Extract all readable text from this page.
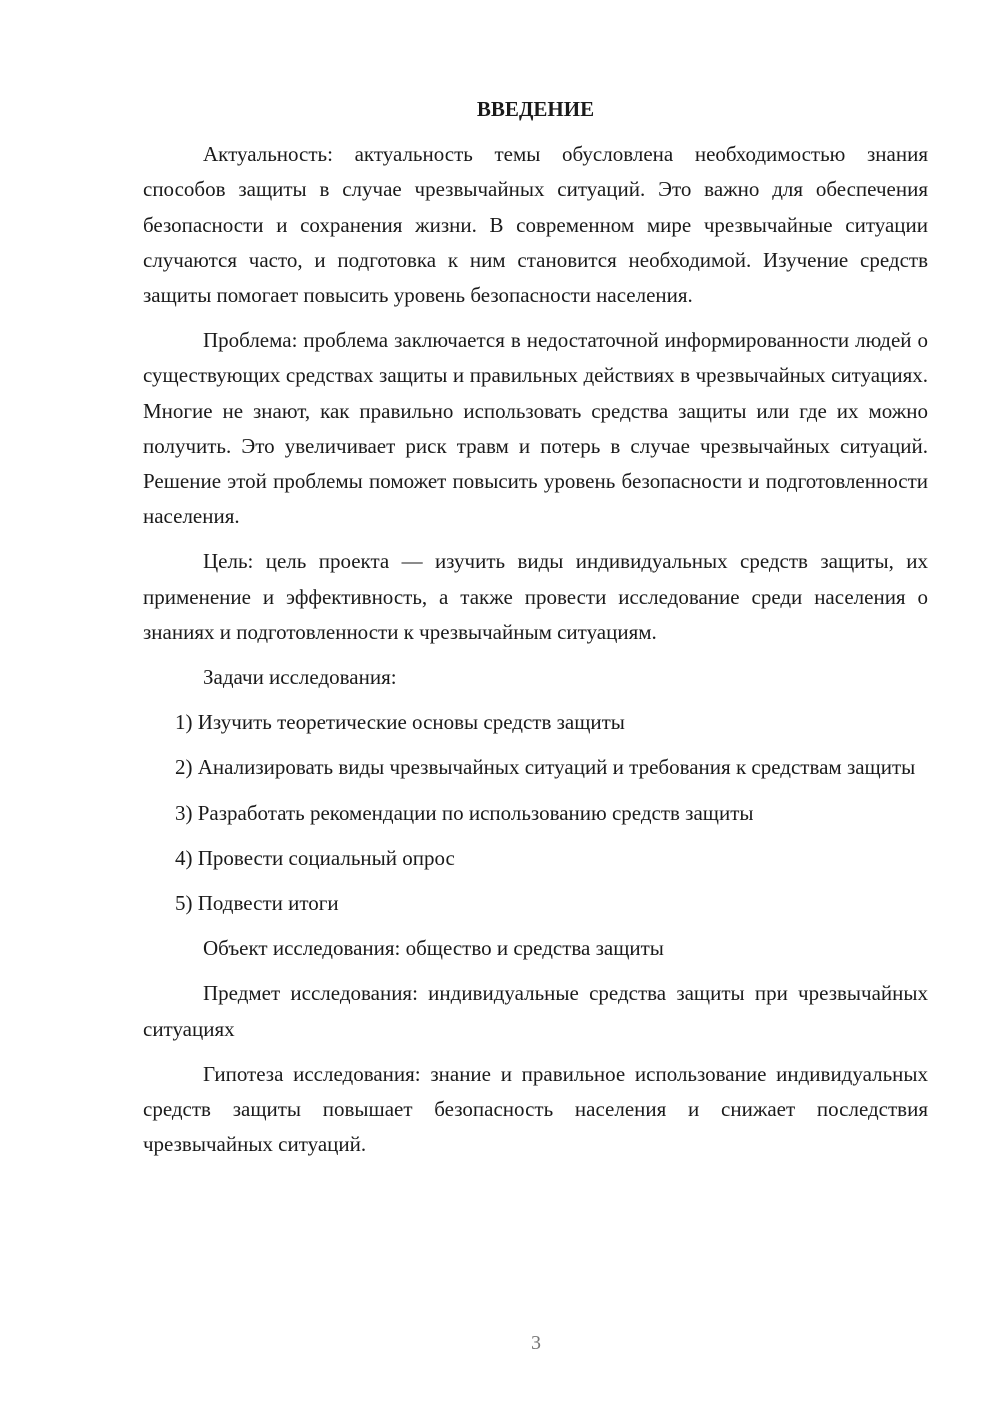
ВВЕДЕНИЕ

Актуальность: актуальность темы обусловлена необходимостью знания способов защиты в случае чрезвычайных ситуаций. Это важно для обеспечения безопасности и сохранения жизни. В современном мире чрезвычайные ситуации случаются часто, и подготовка к ним становится необходимой. Изучение средств защиты помогает повысить уровень безопасности населения.

Проблема: проблема заключается в недостаточной информированности людей о существующих средствах защиты и правильных действиях в чрезвычайных ситуациях. Многие не знают, как правильно использовать средства защиты или где их можно получить. Это увеличивает риск травм и потерь в случае чрезвычайных ситуаций. Решение этой проблемы поможет повысить уровень безопасности и подготовленности населения.

Цель: цель проекта — изучить виды индивидуальных средств защиты, их применение и эффективность, а также провести исследование среди населения о знаниях и подготовленности к чрезвычайным ситуациям.

Задачи исследования:

1) Изучить теоретические основы средств защиты

2) Анализировать виды чрезвычайных ситуаций и требования к средствам защиты

3) Разработать рекомендации по использованию средств защиты

4) Провести социальный опрос

5) Подвести итоги

Объект исследования: общество и средства защиты

Предмет исследования: индивидуальные средства защиты при чрезвычайных ситуациях

Гипотеза исследования: знание и правильное использование индивидуальных средств защиты повышает безопасность населения и снижает последствия чрезвычайных ситуаций.

3
